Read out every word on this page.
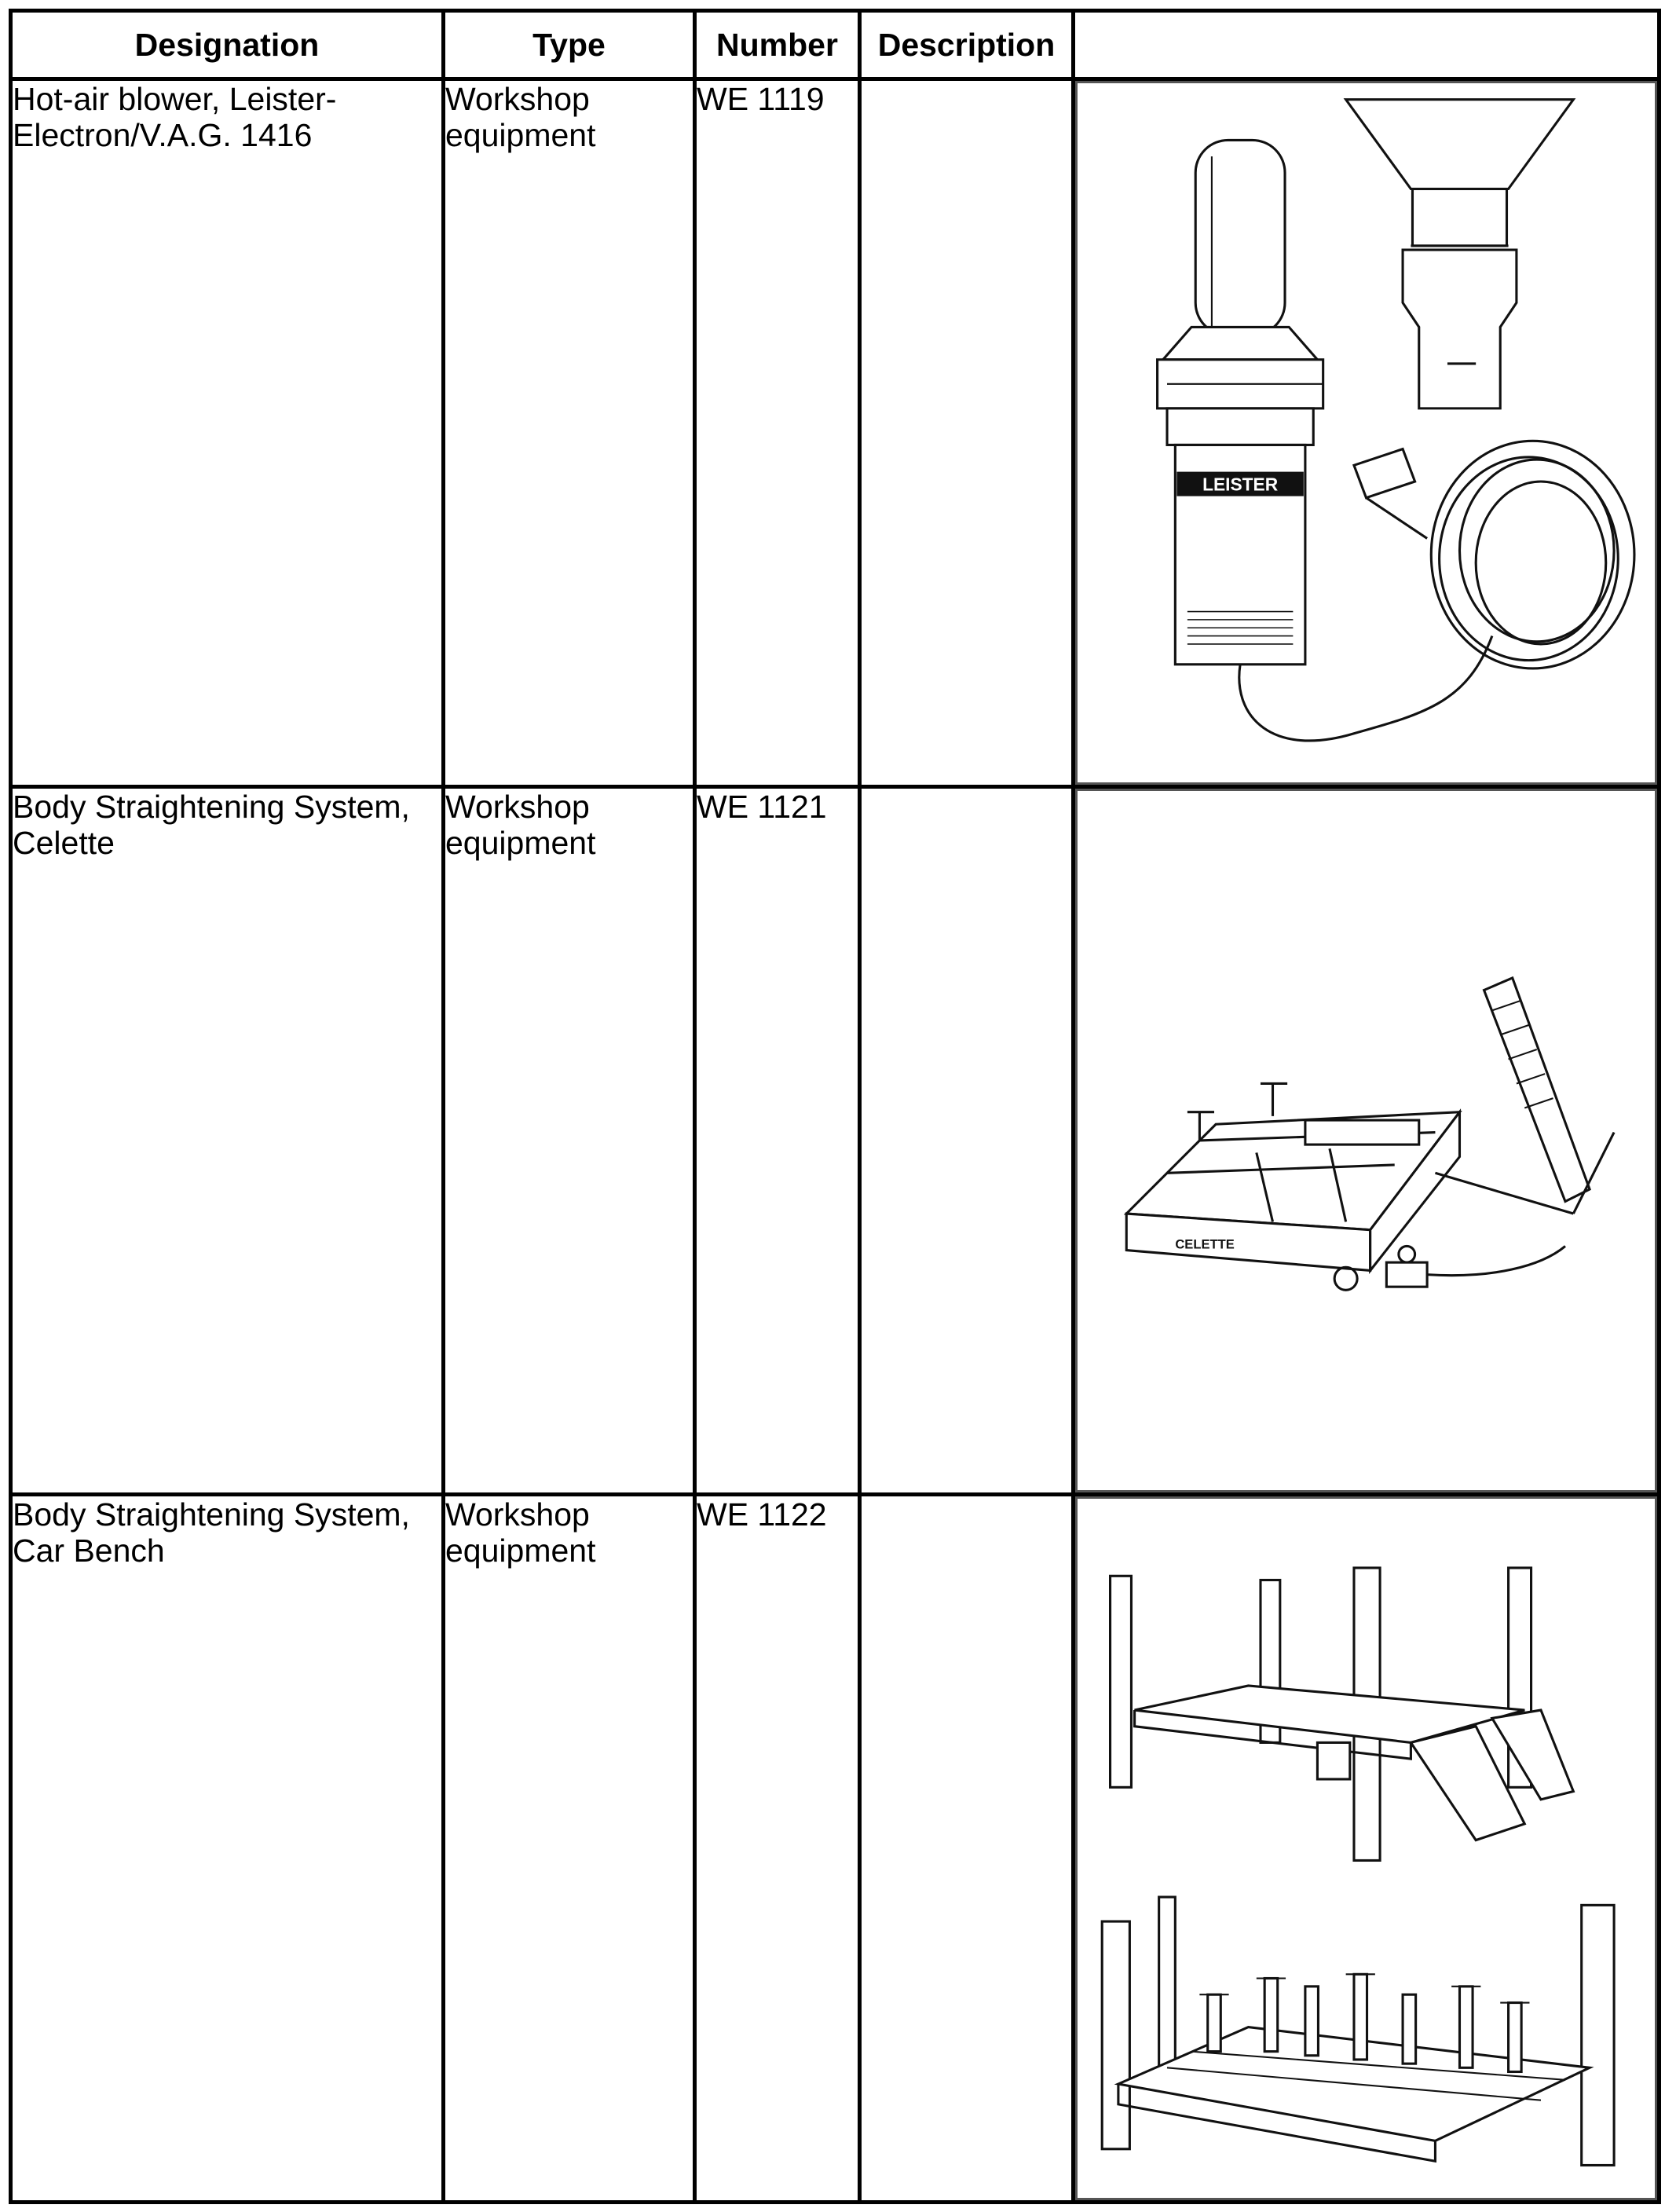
Designation	Type	Number	Description	
Hot-air blower, Leister-Electron/V.A.G. 1416	Workshop equipment	WE 1119		LEISTER

Body Straightening System, Celette	Workshop equipment	WE 1121		CELETTE

Body Straightening System, Car Bench	Workshop equipment	WE 1122		
